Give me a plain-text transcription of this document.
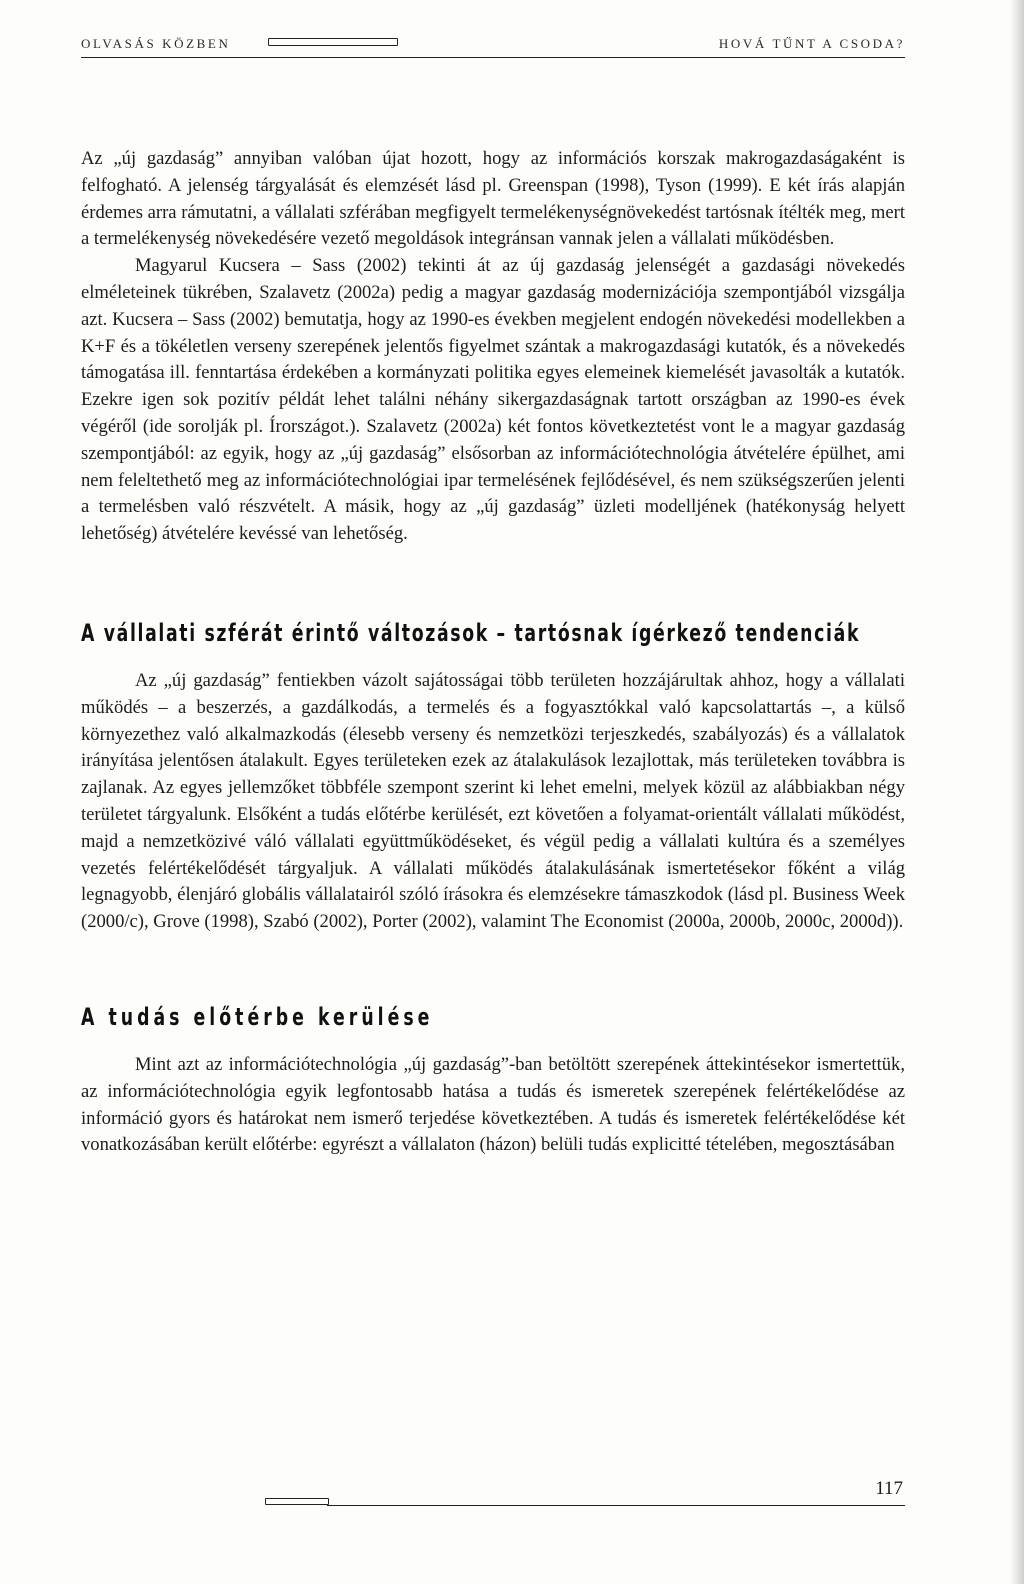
OLVASÁS KÖZBEN	HOVÁ TŰNT A CSODA?

Az „új gazdaság” annyiban valóban újat hozott, hogy az információs korszak makrogazdaságaként is felfogható. A jelenség tárgyalását és elemzését lásd pl. Greenspan (1998), Tyson (1999). E két írás alapján érdemes arra rámutatni, a vállalati szférában megfigyelt termelékenységnövekedést tartósnak ítélték meg, mert a termelékenység növekedésére vezető megoldások integránsan vannak jelen a vállalati működésben.

Magyarul Kucsera – Sass (2002) tekinti át az új gazdaság jelenségét a gazdasági növekedés elméleteinek tükrében, Szalavetz (2002a) pedig a magyar gazdaság modernizációja szempontjából vizsgálja azt. Kucsera – Sass (2002) bemutatja, hogy az 1990-es években megjelent endogén növekedési modellekben a K+F és a tökéletlen verseny szerepének jelentős figyelmet szántak a makrogazdasági kutatók, és a növekedés támogatása ill. fenntartása érdekében a kormányzati politika egyes elemeinek kiemelését javasolták a kutatók. Ezekre igen sok pozitív példát lehet találni néhány sikergazdaságnak tartott országban az 1990-es évek végéről (ide sorolják pl. Írországot.). Szalavetz (2002a) két fontos következtetést vont le a magyar gazdaság szempontjából: az egyik, hogy az „új gazdaság” elsősorban az információtechnológia átvételére épülhet, ami nem feleltethető meg az információtechnológiai ipar termelésének fejlődésével, és nem szükségszerűen jelenti a termelésben való részvételt. A másik, hogy az „új gazdaság” üzleti modelljének (hatékonyság helyett lehetőség) átvételére kevéssé van lehetőség.

A vállalati szférát érintő változások – tartósnak ígérkező tendenciák

Az „új gazdaság” fentiekben vázolt sajátosságai több területen hozzájárultak ahhoz, hogy a vállalati működés – a beszerzés, a gazdálkodás, a termelés és a fogyasztókkal való kapcsolattartás –, a külső környezethez való alkalmazkodás (élesebb verseny és nemzetközi terjeszkedés, szabályozás) és a vállalatok irányítása jelentősen átalakult. Egyes területeken ezek az átalakulások lezajlottak, más területeken továbbra is zajlanak. Az egyes jellemzőket többféle szempont szerint ki lehet emelni, melyek közül az alábbiakban négy területet tárgyalunk. Elsőként a tudás előtérbe kerülését, ezt követően a folyamat-orientált vállalati működést, majd a nemzetközivé váló vállalati együttműködéseket, és végül pedig a vállalati kultúra és a személyes vezetés felértékelődését tárgyaljuk. A vállalati működés átalakulásának ismertetésekor főként a világ legnagyobb, élenjáró globális vállalatairól szóló írásokra és elemzésekre támaszkodok (lásd pl. Business Week (2000/c), Grove (1998), Szabó (2002), Porter (2002), valamint The Economist (2000a, 2000b, 2000c, 2000d)).

A tudás előtérbe kerülése

Mint azt az információtechnológia „új gazdaság”-ban betöltött szerepének áttekintésekor ismertettük, az információtechnológia egyik legfontosabb hatása a tudás és ismeretek szerepének felértékelődése az információ gyors és határokat nem ismerő terjedése következtében. A tudás és ismeretek felértékelődése két vonatkozásában került előtérbe: egyrészt a vállalaton (házon) belüli tudás explicitté tételében, megosztásában

117
